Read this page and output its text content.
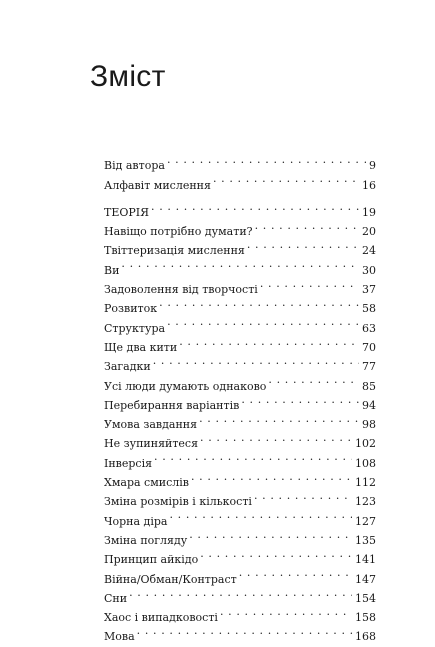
Зміст
Від автора . . .	9
Алфавіт мислення . . .	16
ТЕОРІЯ . . .	19
Навіщо потрібно думати? . . .	20
Твіттеризація мислення . . .	24
Ви . . .	30
Задоволення від творчості . . .	37
Розвиток . . .	58
Структура . . .	63
Ще два кити . . .	70
Загадки . . .	77
Усі люди думають однаково . . .	85
Перебирання варіантів . . .	94
Умова завдання . . .	98
Не зупиняйтеся . . .	102
Інверсія . . .	108
Хмара смислів . . .	112
Зміна розмірів і кількості . . .	123
Чорна діра . . .	127
Зміна погляду . . .	135
Принцип айкідо . . .	141
Війна/Обман/Контраст . . .	147
Сни . . .	154
Хаос і випадковості . . .	158
Мова . . .	168
